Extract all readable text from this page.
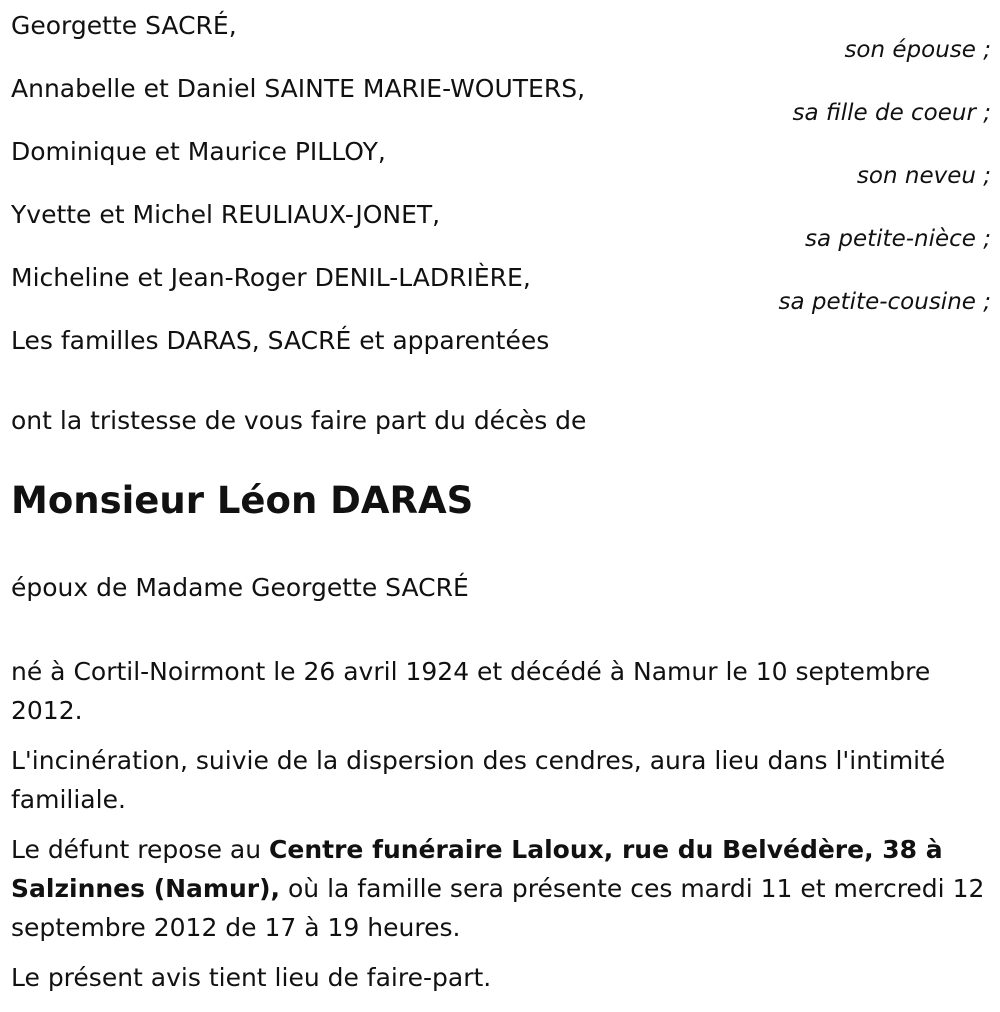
Georgette SACRÉ,
son épouse ;
Annabelle et Daniel SAINTE MARIE-WOUTERS,
sa fille de coeur ;
Dominique et Maurice PILLOY,
son neveu ;
Yvette et Michel REULIAUX-JONET,
sa petite-nièce ;
Micheline et Jean-Roger DENIL-LADRIÈRE,
sa petite-cousine ;
Les familles DARAS, SACRÉ et apparentées
ont la tristesse de vous faire part du décès de
Monsieur Léon DARAS
époux de Madame Georgette SACRÉ

né à Cortil-Noirmont le 26 avril 1924 et décédé à Namur le 10 septembre 2012.

L'incinération, suivie de la dispersion des cendres, aura lieu dans l'intimité familiale.

Le défunt repose au Centre funéraire Laloux, rue du Belvédère, 38 à Salzinnes (Namur), où la famille sera présente ces mardi 11 et mercredi 12 septembre 2012 de 17 à 19 heures.

Le présent avis tient lieu de faire-part.
